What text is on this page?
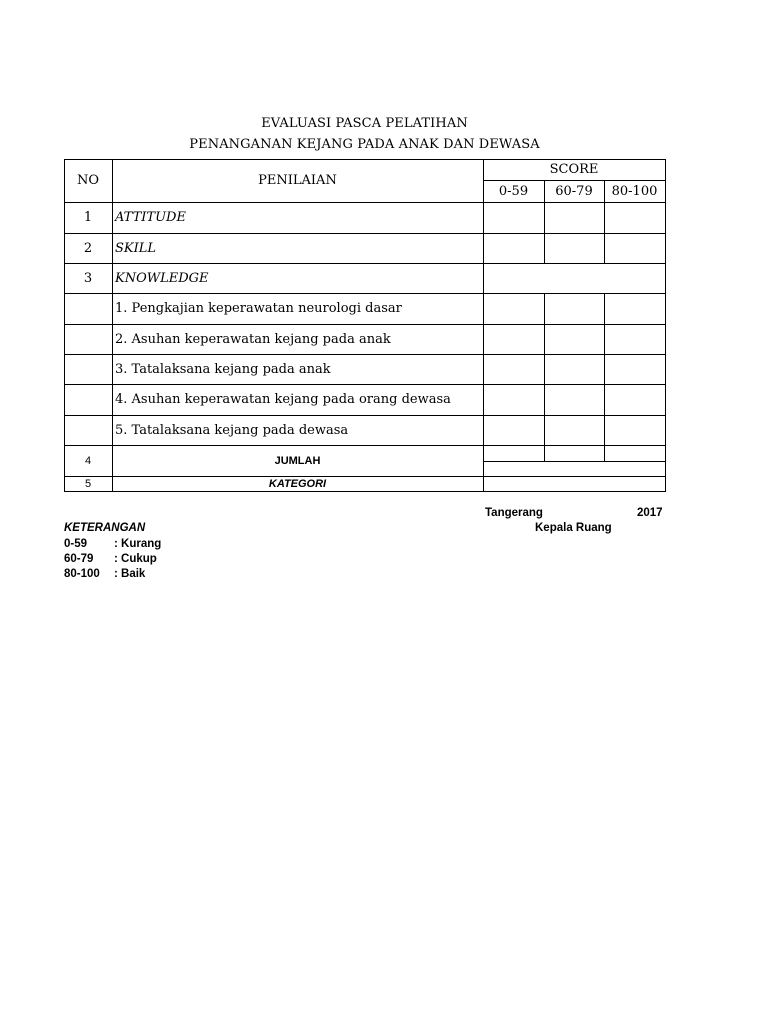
EVALUASI PASCA PELATIHAN
PENANGANAN KEJANG PADA ANAK DAN DEWASA
NO	PENILAIAN
SCORE
0-59	60-79	80-100
1	ATTITUDE
2	SKILL
3	KNOWLEDGE
1. Pengkajian keperawatan neurologi dasar
2. Asuhan keperawatan kejang pada anak
3. Tatalaksana kejang pada anak
4. Asuhan keperawatan kejang pada orang dewasa
5. Tatalaksana kejang pada dewasa
4	JUMLAH
5	KATEGORI
Tangerang	2017
Kepala Ruang
KETERANGAN
0-59 : Kurang
60-79 : Cukup
80-100 : Baik
